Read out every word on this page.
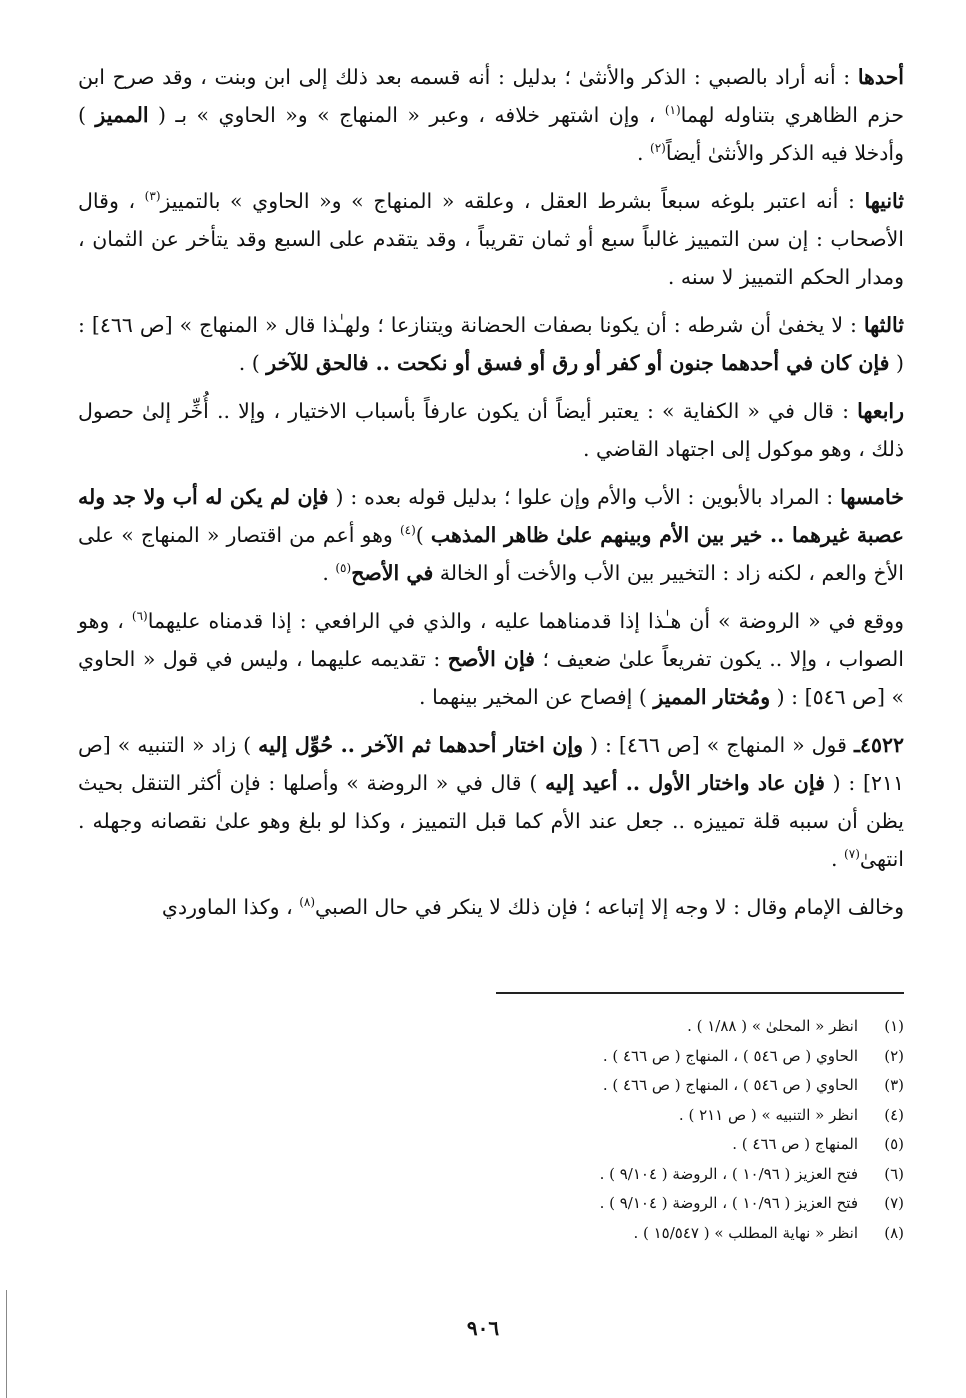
أحدها : أنه أراد بالصبي : الذكر والأنثىٰ ؛ بدليل : أنه قسمه بعد ذلك إلى ابن وبنت ، وقد صرح ابن حزم الظاهري بتناوله لهما$^{(١)}$ ، وإن اشتهر خلافه ، وعبر « المنهاج » و« الحاوي » بـ ( المميز ) وأدخلا فيه الذكر والأنثىٰ أيضاً$^{(٢)}$ .
ثانيها : أنه اعتبر بلوغه سبعاً بشرط العقل ، وعلقه « المنهاج » و« الحاوي » بالتمييز$^{(٣)}$ ، وقال الأصحاب : إن سن التمييز غالباً سبع أو ثمان تقريباً ، وقد يتقدم على السبع وقد يتأخر عن الثمان ، ومدار الحكم التمييز لا سنه .
ثالثها : لا يخفىٰ أن شرطه : أن يكونا بصفات الحضانة ويتنازعا ؛ ولهـٰذا قال « المنهاج » [ص ٤٦٦] : ( فإن كان في أحدهما جنون أو كفر أو رق أو فسق أو نكحت .. فالحق للآخر ) .
رابعها : قال في « الكفاية » : يعتبر أيضاً أن يكون عارفاً بأسباب الاختيار ، وإلا .. أُخِّر إلىٰ حصول ذلك ، وهو موكول إلى اجتهاد القاضي .
خامسها : المراد بالأبوين : الأب والأم وإن علوا ؛ بدليل قوله بعده : ( فإن لم يكن له أب ولا جد وله عصبة غيرهما .. خير بين الأم وبينهم علىٰ ظاهر المذهب )$^{(٤)}$ وهو أعم من اقتصار « المنهاج » على الأخ والعم ، لكنه زاد : التخيير بين الأب والأخت أو الخالة في الأصح$^{(٥)}$ .
ووقع في « الروضة » أن هـٰذا إذا قدمناهما عليه ، والذي في الرافعي : إذا قدمناه عليهما$^{(٦)}$ ، وهو الصواب ، وإلا .. يكون تفريعاً علىٰ ضعيف ؛ فإن الأصح : تقديمه عليهما ، وليس في قول « الحاوي » [ص ٥٤٦] : ( ومُختار المميز ) إفصاح عن المخير بينهما .
٤٥٢٢ـ قول « المنهاج » [ص ٤٦٦] : ( وإن اختار أحدهما ثم الآخر .. حُوِّل إليه ) زاد « التنبيه » [ص ٢١١] : ( فإن عاد واختار الأول .. أعيد إليه ) قال في « الروضة » وأصلها : فإن أكثر التنقل بحيث يظن أن سببه قلة تمييزه .. جعل عند الأم كما قبل التمييز ، وكذا لو بلغ وهو علىٰ نقصانه وجهله . انتهىٰ$^{(٧)}$ .
وخالف الإمام وقال : لا وجه إلا إتباعه ؛ فإن ذلك لا ينكر في حال الصبي$^{(٨)}$ ، وكذا الماوردي
(١)
انظر « المحلىٰ » ( ١/٨٨ ) .
(٢)
الحاوي ( ص ٥٤٦ ) ، المنهاج ( ص ٤٦٦ ) .
(٣)
الحاوي ( ص ٥٤٦ ) ، المنهاج ( ص ٤٦٦ ) .
(٤)
انظر « التنبيه » ( ص ٢١١ ) .
(٥)
المنهاج ( ص ٤٦٦ ) .
(٦)
فتح العزيز ( ١٠/٩٦ ) ، الروضة ( ٩/١٠٤ ) .
(٧)
فتح العزيز ( ١٠/٩٦ ) ، الروضة ( ٩/١٠٤ ) .
(٨)
انظر « نهاية المطلب » ( ١٥/٥٤٧ ) .
٩٠٦
